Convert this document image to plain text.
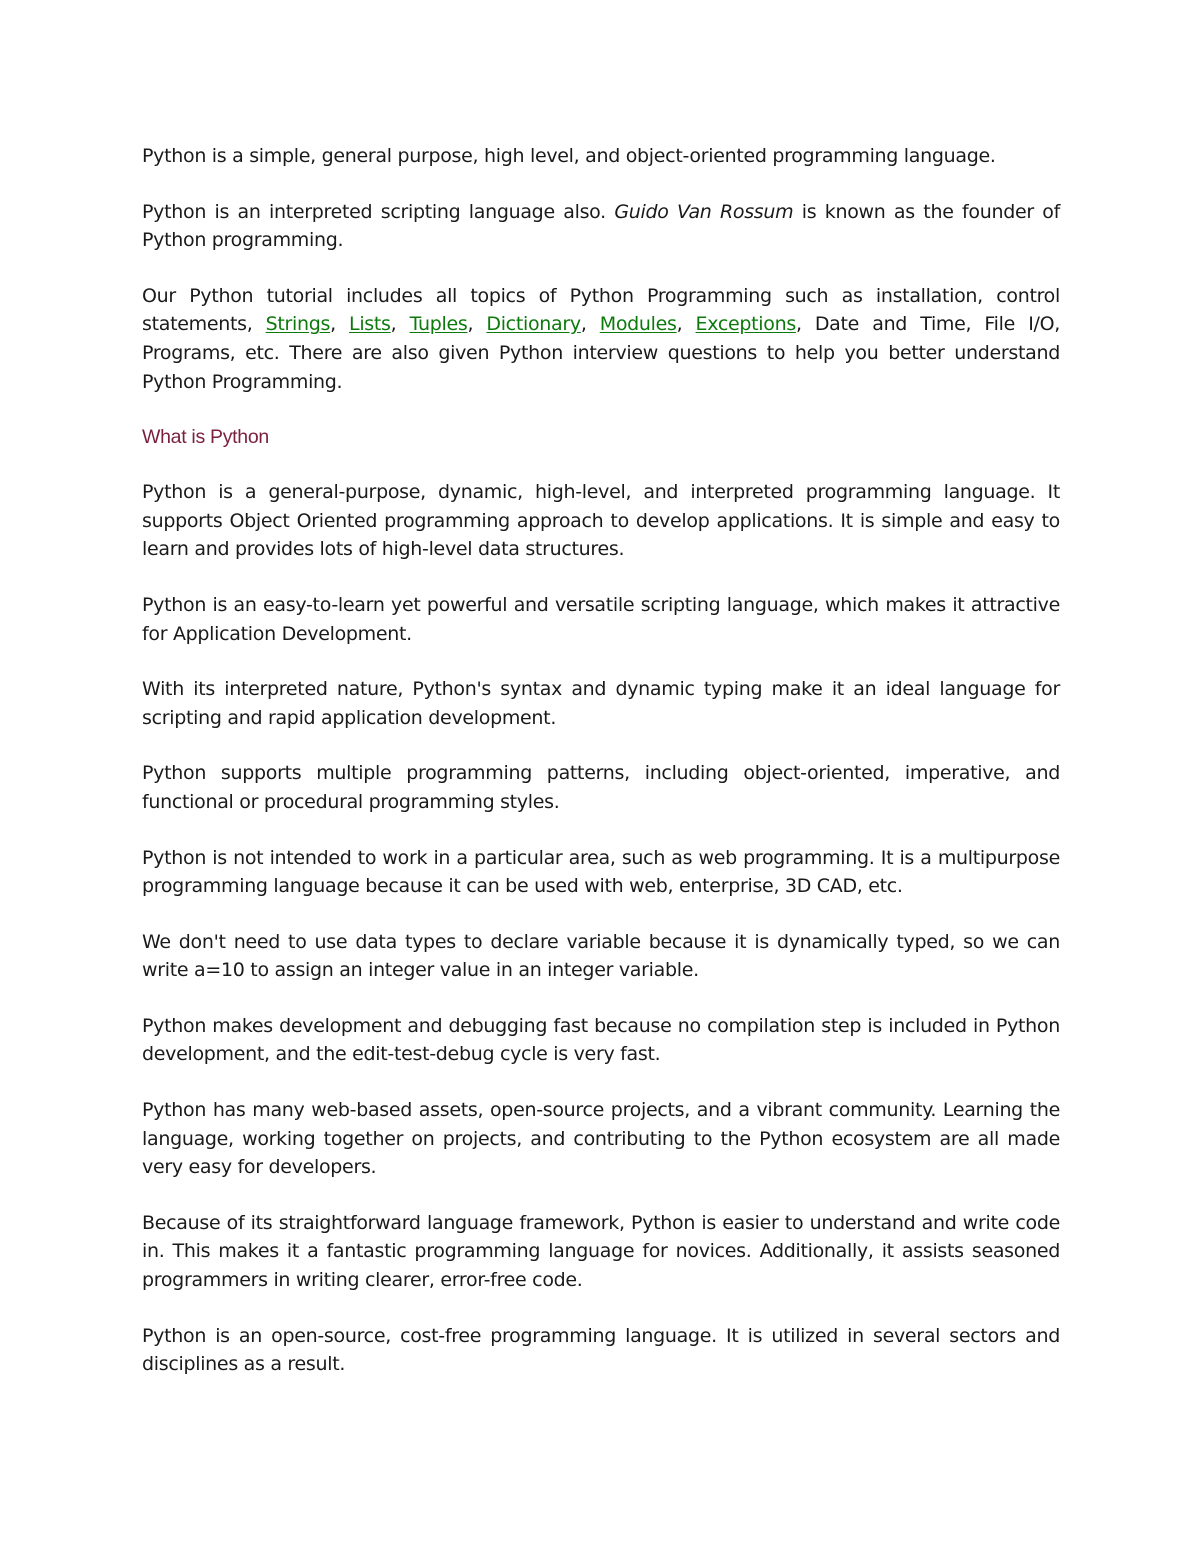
Python is a simple, general purpose, high level, and object-oriented programming language.

Python is an interpreted scripting language also. Guido Van Rossum is known as the founder of Python programming.

Our Python tutorial includes all topics of Python Programming such as installation, control statements, Strings, Lists, Tuples, Dictionary, Modules, Exceptions, Date and Time, File I/O, Programs, etc. There are also given Python interview questions to help you better understand Python Programming.

What is Python

Python is a general-purpose, dynamic, high-level, and interpreted programming language. It supports Object Oriented programming approach to develop applications. It is simple and easy to learn and provides lots of high-level data structures.

Python is an easy-to-learn yet powerful and versatile scripting language, which makes it attractive for Application Development.

With its interpreted nature, Python's syntax and dynamic typing make it an ideal language for scripting and rapid application development.

Python supports multiple programming patterns, including object-oriented, imperative, and functional or procedural programming styles.

Python is not intended to work in a particular area, such as web programming. It is a multipurpose programming language because it can be used with web, enterprise, 3D CAD, etc.

We don't need to use data types to declare variable because it is dynamically typed, so we can write a=10 to assign an integer value in an integer variable.

Python makes development and debugging fast because no compilation step is included in Python development, and the edit-test-debug cycle is very fast.

Python has many web-based assets, open-source projects, and a vibrant community. Learning the language, working together on projects, and contributing to the Python ecosystem are all made very easy for developers.

Because of its straightforward language framework, Python is easier to understand and write code in. This makes it a fantastic programming language for novices. Additionally, it assists seasoned programmers in writing clearer, error-free code.

Python is an open-source, cost-free programming language. It is utilized in several sectors and disciplines as a result.
